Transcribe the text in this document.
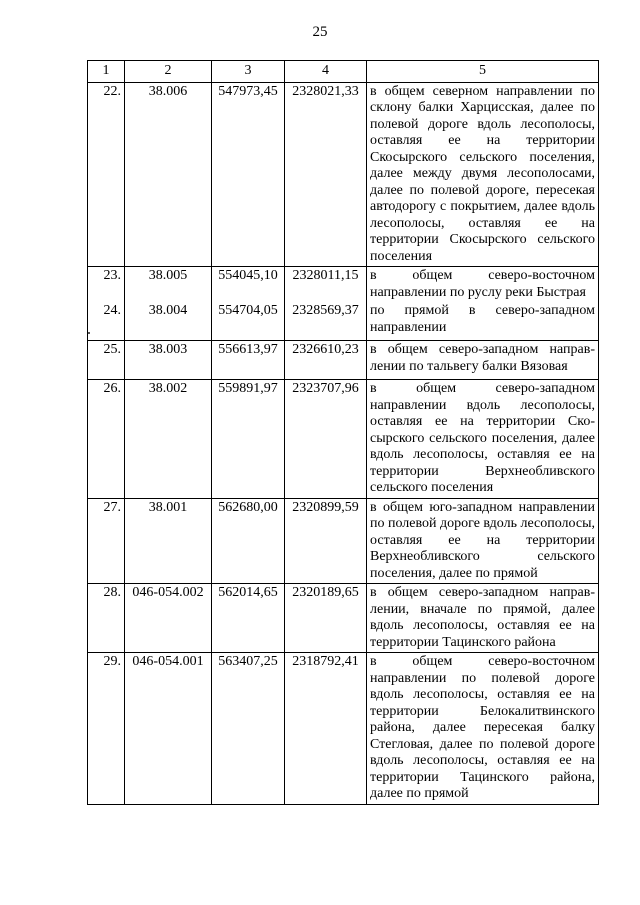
25
1	2	3	4	5
22.	38.006	547973,45	2328021,33	в общем северном направлении по склону балки Харцисская, далее по полевой дороге вдоль лесополосы, оставляя ее на территории Скосырского сельского поселения, далее между двумя лесополосами, далее по полевой дороге, пересекая автодорогу с покрытием, далее вдоль лесополосы, оставляя ее на территории Скосырского сельского поселения
23.	38.005	554045,10	2328011,15	в общем северо-восточном направлении по руслу реки Быстрая
24.	38.004	554704,05	2328569,37	по прямой в северо-западном направлении
25.	38.003	556613,97	2326610,23	в общем северо-западном направлении по тальвегу балки Вязовая
26.	38.002	559891,97	2323707,96	в общем северо-западном направлении вдоль лесополосы, оставляя ее на территории Скосырского сельского поселения, далее вдоль лесополосы, оставляя ее на территории Верхнеобливского сельского поселения
27.	38.001	562680,00	2320899,59	в общем юго-западном направлении по полевой дороге вдоль лесополосы, оставляя ее на территории Верхнеобливского сельского поселения, далее по прямой
28.	046-054.002	562014,65	2320189,65	в общем северо-западном направлении, вначале по прямой, далее вдоль лесополосы, оставляя ее на территории Тацинского района
29.	046-054.001	563407,25	2318792,41	в общем северо-восточном направлении по полевой дороге вдоль лесополосы, оставляя ее на территории Белокалитвинского района, далее пересекая балку Стегловая, далее по полевой дороге вдоль лесополосы, оставляя ее на территории Тацинского района, далее по прямой
